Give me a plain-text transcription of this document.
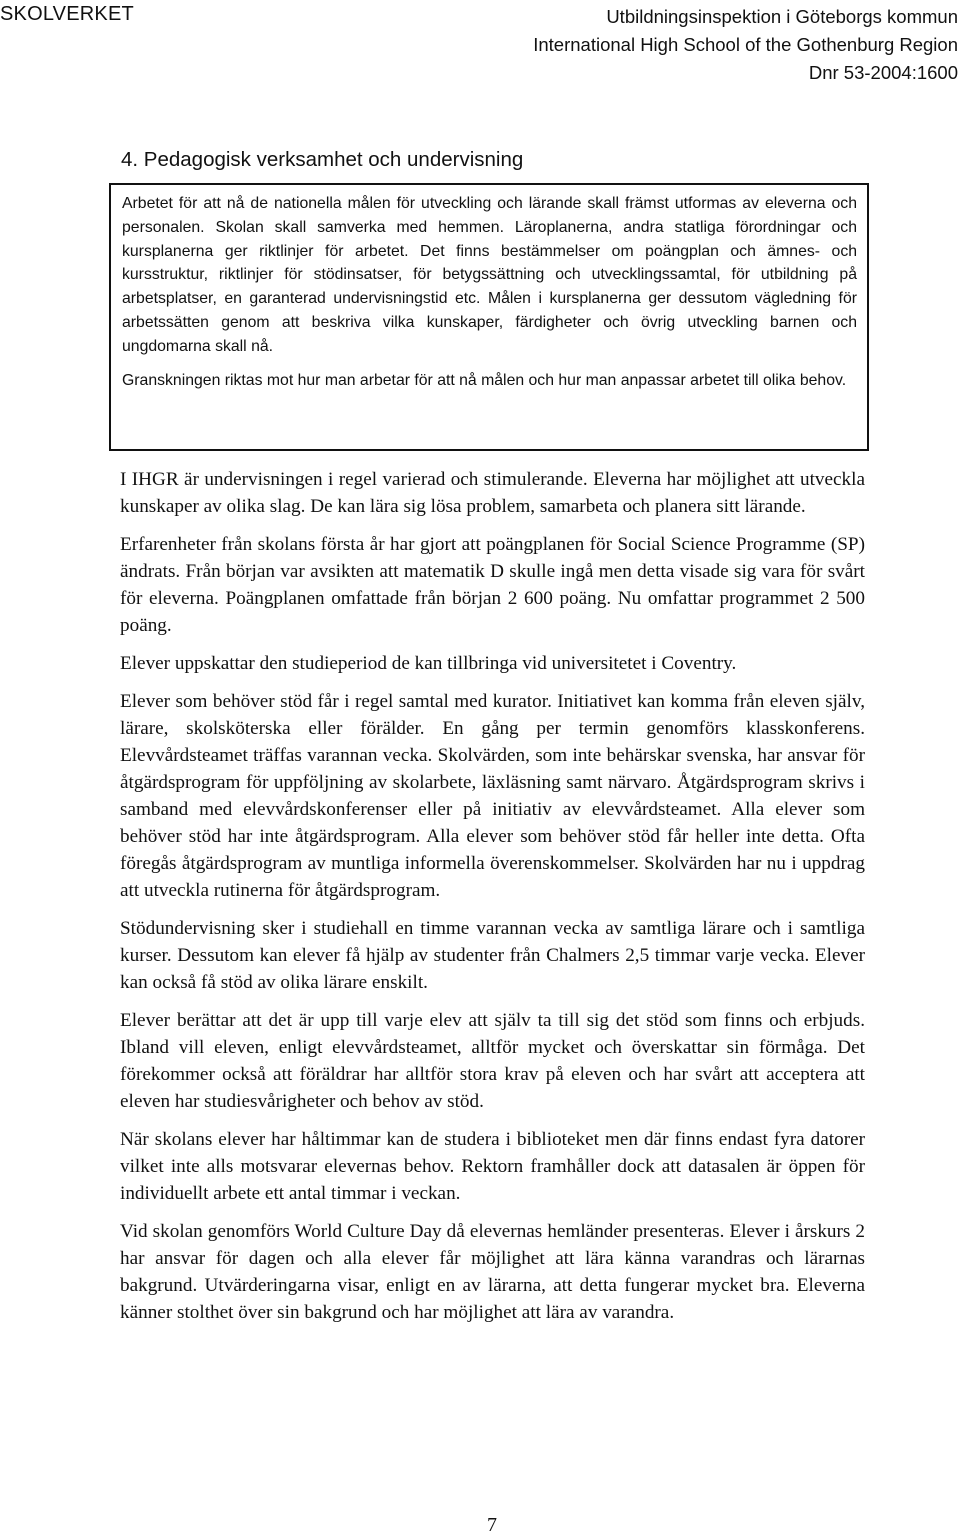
SKOLVERKET	Utbildningsinspektion i Göteborgs kommun
International High School of the Gothenburg Region
Dnr 53-2004:1600
4. Pedagogisk verksamhet och undervisning

Arbetet för att nå de nationella målen för utveckling och lärande skall främst utformas av eleverna och personalen. Skolan skall samverka med hemmen. Läroplanerna, andra statliga förordningar och kursplanerna ger riktlinjer för arbetet. Det finns bestämmelser om poängplan och ämnes- och kursstruktur, riktlinjer för stödinsatser, för betygssättning och utvecklingssamtal, för utbildning på arbetsplatser, en garanterad undervisningstid etc. Målen i kursplanerna ger dessutom vägledning för arbetssätten genom att beskriva vilka kunskaper, färdigheter och övrig utveckling barnen och ungdomarna skall nå.

Granskningen riktas mot hur man arbetar för att nå målen och hur man anpassar arbetet till olika behov.

I IHGR är undervisningen i regel varierad och stimulerande. Eleverna har möjlighet att utveckla kunskaper av olika slag. De kan lära sig lösa problem, samarbeta och planera sitt lärande.

Erfarenheter från skolans första år har gjort att poängplanen för Social Science Programme (SP) ändrats. Från början var avsikten att matematik D skulle ingå men detta visade sig vara för svårt för eleverna. Poängplanen omfattade från början 2 600 poäng. Nu omfattar programmet 2 500 poäng.

Elever uppskattar den studieperiod de kan tillbringa vid universitetet i Coventry.

Elever som behöver stöd får i regel samtal med kurator. Initiativet kan komma från eleven själv, lärare, skolsköterska eller förälder. En gång per termin genomförs klasskonferens. Elevvårdsteamet träffas varannan vecka. Skolvärden, som inte behärskar svenska, har ansvar för åtgärdsprogram för uppföljning av skolarbete, läxläsning samt närvaro. Åtgärdsprogram skrivs i samband med elevvårdskonferenser eller på initiativ av elevvårdsteamet. Alla elever som behöver stöd har inte åtgärdsprogram. Alla elever som behöver stöd får heller inte detta. Ofta föregås åtgärdsprogram av muntliga informella överenskommelser. Skolvärden har nu i uppdrag att utveckla rutinerna för åtgärdsprogram.

Stödundervisning sker i studiehall en timme varannan vecka av samtliga lärare och i samtliga kurser. Dessutom kan elever få hjälp av studenter från Chalmers 2,5 timmar varje vecka. Elever kan också få stöd av olika lärare enskilt.

Elever berättar att det är upp till varje elev att själv ta till sig det stöd som finns och erbjuds. Ibland vill eleven, enligt elevvårdsteamet, alltför mycket och överskattar sin förmåga. Det förekommer också att föräldrar har alltför stora krav på eleven och har svårt att acceptera att eleven har studiesvårigheter och behov av stöd.

När skolans elever har håltimmar kan de studera i biblioteket men där finns endast fyra datorer vilket inte alls motsvarar elevernas behov. Rektorn framhåller dock att datasalen är öppen för individuellt arbete ett antal timmar i veckan.

Vid skolan genomförs World Culture Day då elevernas hemländer presenteras. Elever i årskurs 2 har ansvar för dagen och alla elever får möjlighet att lära känna varandras och lärarnas bakgrund. Utvärderingarna visar, enligt en av lärarna, att detta fungerar mycket bra. Eleverna känner stolthet över sin bakgrund och har möjlighet att lära av varandra.

7
